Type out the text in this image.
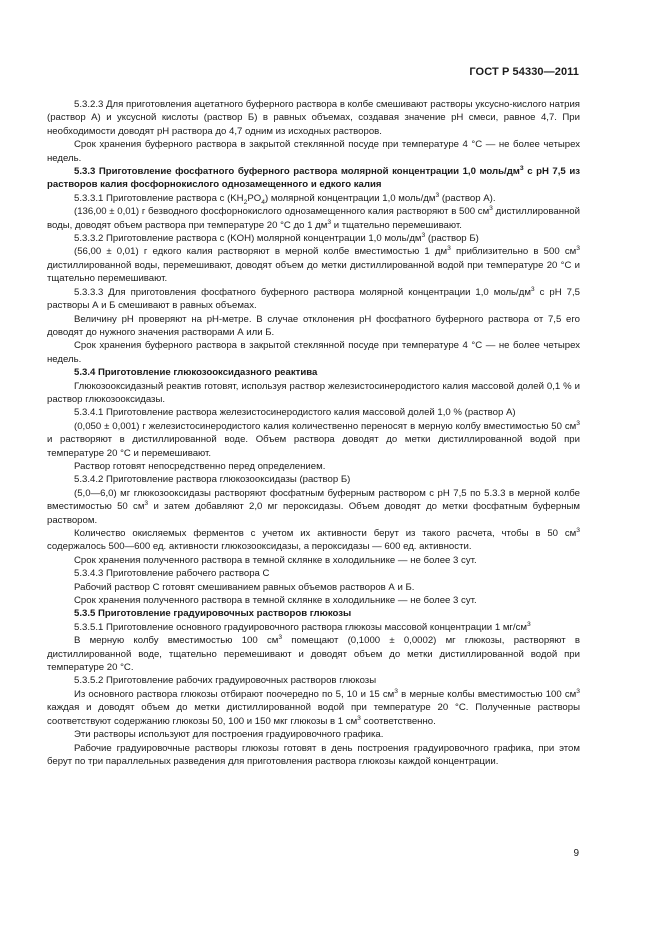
ГОСТ Р 54330—2011

5.3.2.3 Для приготовления ацетатного буферного раствора в колбе смешивают растворы уксусно-кислого натрия (раствор А) и уксусной кислоты (раствор Б) в равных объемах, создавая значение pH смеси, равное 4,7. При необходимости доводят pH раствора до 4,7 одним из исходных растворов.

Срок хранения буферного раствора в закрытой стеклянной посуде при температуре 4 °С — не более четырех недель.

5.3.3 Приготовление фосфатного буферного раствора молярной концентрации 1,0 моль/$дм^3$ с pH 7,5 из растворов калия фосфорнокислого однозамещенного и едкого калия

5.3.3.1 Приготовление раствора с $(KH_2PO_4)$ молярной концентрации 1,0 моль/$дм^3$ (раствор А).

(136,00 ± 0,01) г безводного фосфорнокислого однозамещенного калия растворяют в 500 $см^3$ дистиллированной воды, доводят объем раствора при температуре 20 °С до 1 $дм^3$ и тщательно перемешивают.

5.3.3.2 Приготовление раствора с (KOH) молярной концентрации 1,0 моль/$дм^3$ (раствор Б)

(56,00 ± 0,01) г едкого калия растворяют в мерной колбе вместимостью 1 $дм^3$ приблизительно в 500 $см^3$ дистиллированной воды, перемешивают, доводят объем до метки дистиллированной водой при температуре 20 °С и тщательно перемешивают.

5.3.3.3 Для приготовления фосфатного буферного раствора молярной концентрации 1,0 моль/$дм^3$ с pH 7,5 растворы А и Б смешивают в равных объемах.

Величину pH проверяют на pH-метре. В случае отклонения pH фосфатного буферного раствора от 7,5 его доводят до нужного значения растворами А или Б.

Срок хранения буферного раствора в закрытой стеклянной посуде при температуре 4 °С — не более четырех недель.

5.3.4 Приготовление глюкозооксидазного реактива

Глюкозооксидазный реактив готовят, используя раствор железистосинеродистого калия массовой долей 0,1 % и раствор глюкозооксидазы.

5.3.4.1 Приготовление раствора железистосинеродистого калия массовой долей 1,0 % (раствор А)

(0,050 ± 0,001) г железистосинеродистого калия количественно переносят в мерную колбу вместимостью 50 $см^3$ и растворяют в дистиллированной воде. Объем раствора доводят до метки дистиллированной водой при температуре 20 °С и перемешивают.

Раствор готовят непосредственно перед определением.

5.3.4.2 Приготовление раствора глюкозооксидазы (раствор Б)

(5,0—6,0) мг глюкозооксидазы растворяют фосфатным буферным раствором с pH 7,5 по 5.3.3 в мерной колбе вместимостью 50 $см^3$ и затем добавляют 2,0 мг пероксидазы. Объем доводят до метки фосфатным буферным раствором.

Количество окисляемых ферментов с учетом их активности берут из такого расчета, чтобы в 50 $см^3$ содержалось 500—600 ед. активности глюкозооксидазы, а пероксидазы — 600 ед. активности.

Срок хранения полученного раствора в темной склянке в холодильнике — не более 3 сут.

5.3.4.3 Приготовление рабочего раствора С

Рабочий раствор С готовят смешиванием равных объемов растворов А и Б.

Срок хранения полученного раствора в темной склянке в холодильнике — не более 3 сут.

5.3.5 Приготовление градуировочных растворов глюкозы

5.3.5.1 Приготовление основного градуировочного раствора глюкозы массовой концентрации 1 $мг/см^3$

В мерную колбу вместимостью 100 $см^3$ помещают (0,1000 ± 0,0002) мг глюкозы, растворяют в дистиллированной воде, тщательно перемешивают и доводят объем до метки дистиллированной водой при температуре 20 °С.

5.3.5.2 Приготовление рабочих градуировочных растворов глюкозы

Из основного раствора глюкозы отбирают поочередно по 5, 10 и 15 $см^3$ в мерные колбы вместимостью 100 $см^3$ каждая и доводят объем до метки дистиллированной водой при температуре 20 °С. Полученные растворы соответствуют содержанию глюкозы 50, 100 и 150 мкг глюкозы в 1 $см^3$ соответственно.

Эти растворы используют для построения градуировочного графика.

Рабочие градуировочные растворы глюкозы готовят в день построения градуировочного графика, при этом берут по три параллельных разведения для приготовления раствора глюкозы каждой концентрации.

9
